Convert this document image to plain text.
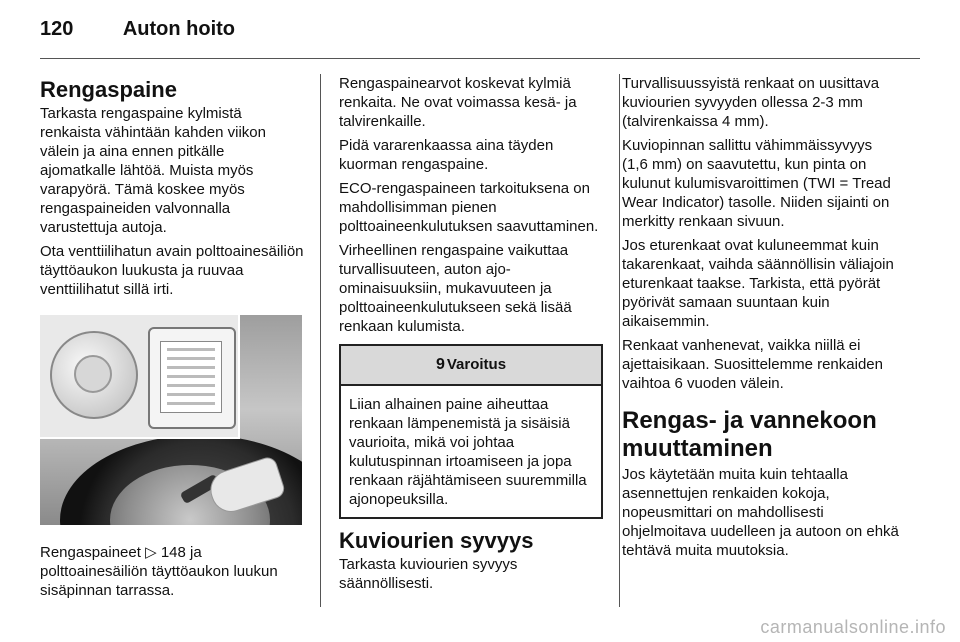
120 Auton hoito
Rengaspaine

Tarkasta rengaspaine kylmistä renkaista vähintään kahden viikon välein ja aina ennen pitkälle ajomatkalle lähtöä. Muista myös varapyörä. Tämä koskee myös rengaspaineiden valvonnalla varustettuja autoja.

Ota venttiilihatun avain polttoainesäiliön täyttöaukon luukusta ja ruuvaa venttiilihatut sillä irti.

Rengaspaineet ▷ 148 ja polttoainesäiliön täyttöaukon luukun sisäpinnan tarrassa.

Rengaspainearvot koskevat kylmiä renkaita. Ne ovat voimassa kesä- ja talvirenkaille.

Pidä vararenkaassa aina täyden kuorman rengaspaine.

ECO-rengaspaineen tarkoituksena on mahdollisimman pienen polttoaineenkulutuksen saavuttaminen.

Virheellinen rengaspaine vaikuttaa turvallisuuteen, auton ajo-ominaisuuksiin, mukavuuteen ja polttoaineenkulutukseen sekä lisää renkaan kulumista.

9 Varoitus
Liian alhainen paine aiheuttaa renkaan lämpenemistä ja sisäisiä vaurioita, mikä voi johtaa kulutuspinnan irtoamiseen ja jopa renkaan räjähtämiseen suuremmilla ajonopeuksilla.
Kuviourien syvyys

Tarkasta kuviourien syvyys säännöllisesti.

Turvallisuussyistä renkaat on uusittava kuviourien syvyyden ollessa 2-3 mm (talvirenkaissa 4 mm).

Kuviopinnan sallittu vähimmäissyvyys (1,6 mm) on saavutettu, kun pinta on kulunut kulumisvaroittimen (TWI = Tread Wear Indicator) tasolle. Niiden sijainti on merkitty renkaan sivuun.

Jos eturenkaat ovat kuluneemmat kuin takarenkaat, vaihda säännöllisin väliajoin eturenkaat taakse. Tarkista, että pyörät pyörivät samaan suuntaan kuin aikaisemmin.

Renkaat vanhenevat, vaikka niillä ei ajettaisikaan. Suosittelemme renkaiden vaihtoa 6 vuoden välein.

Rengas- ja vannekoon muuttaminen

Jos käytetään muita kuin tehtaalla asennettujen renkaiden kokoja, nopeusmittari on mahdollisesti ohjelmoitava uudelleen ja autoon on ehkä tehtävä muita muutoksia.

carmanualsonline.info
